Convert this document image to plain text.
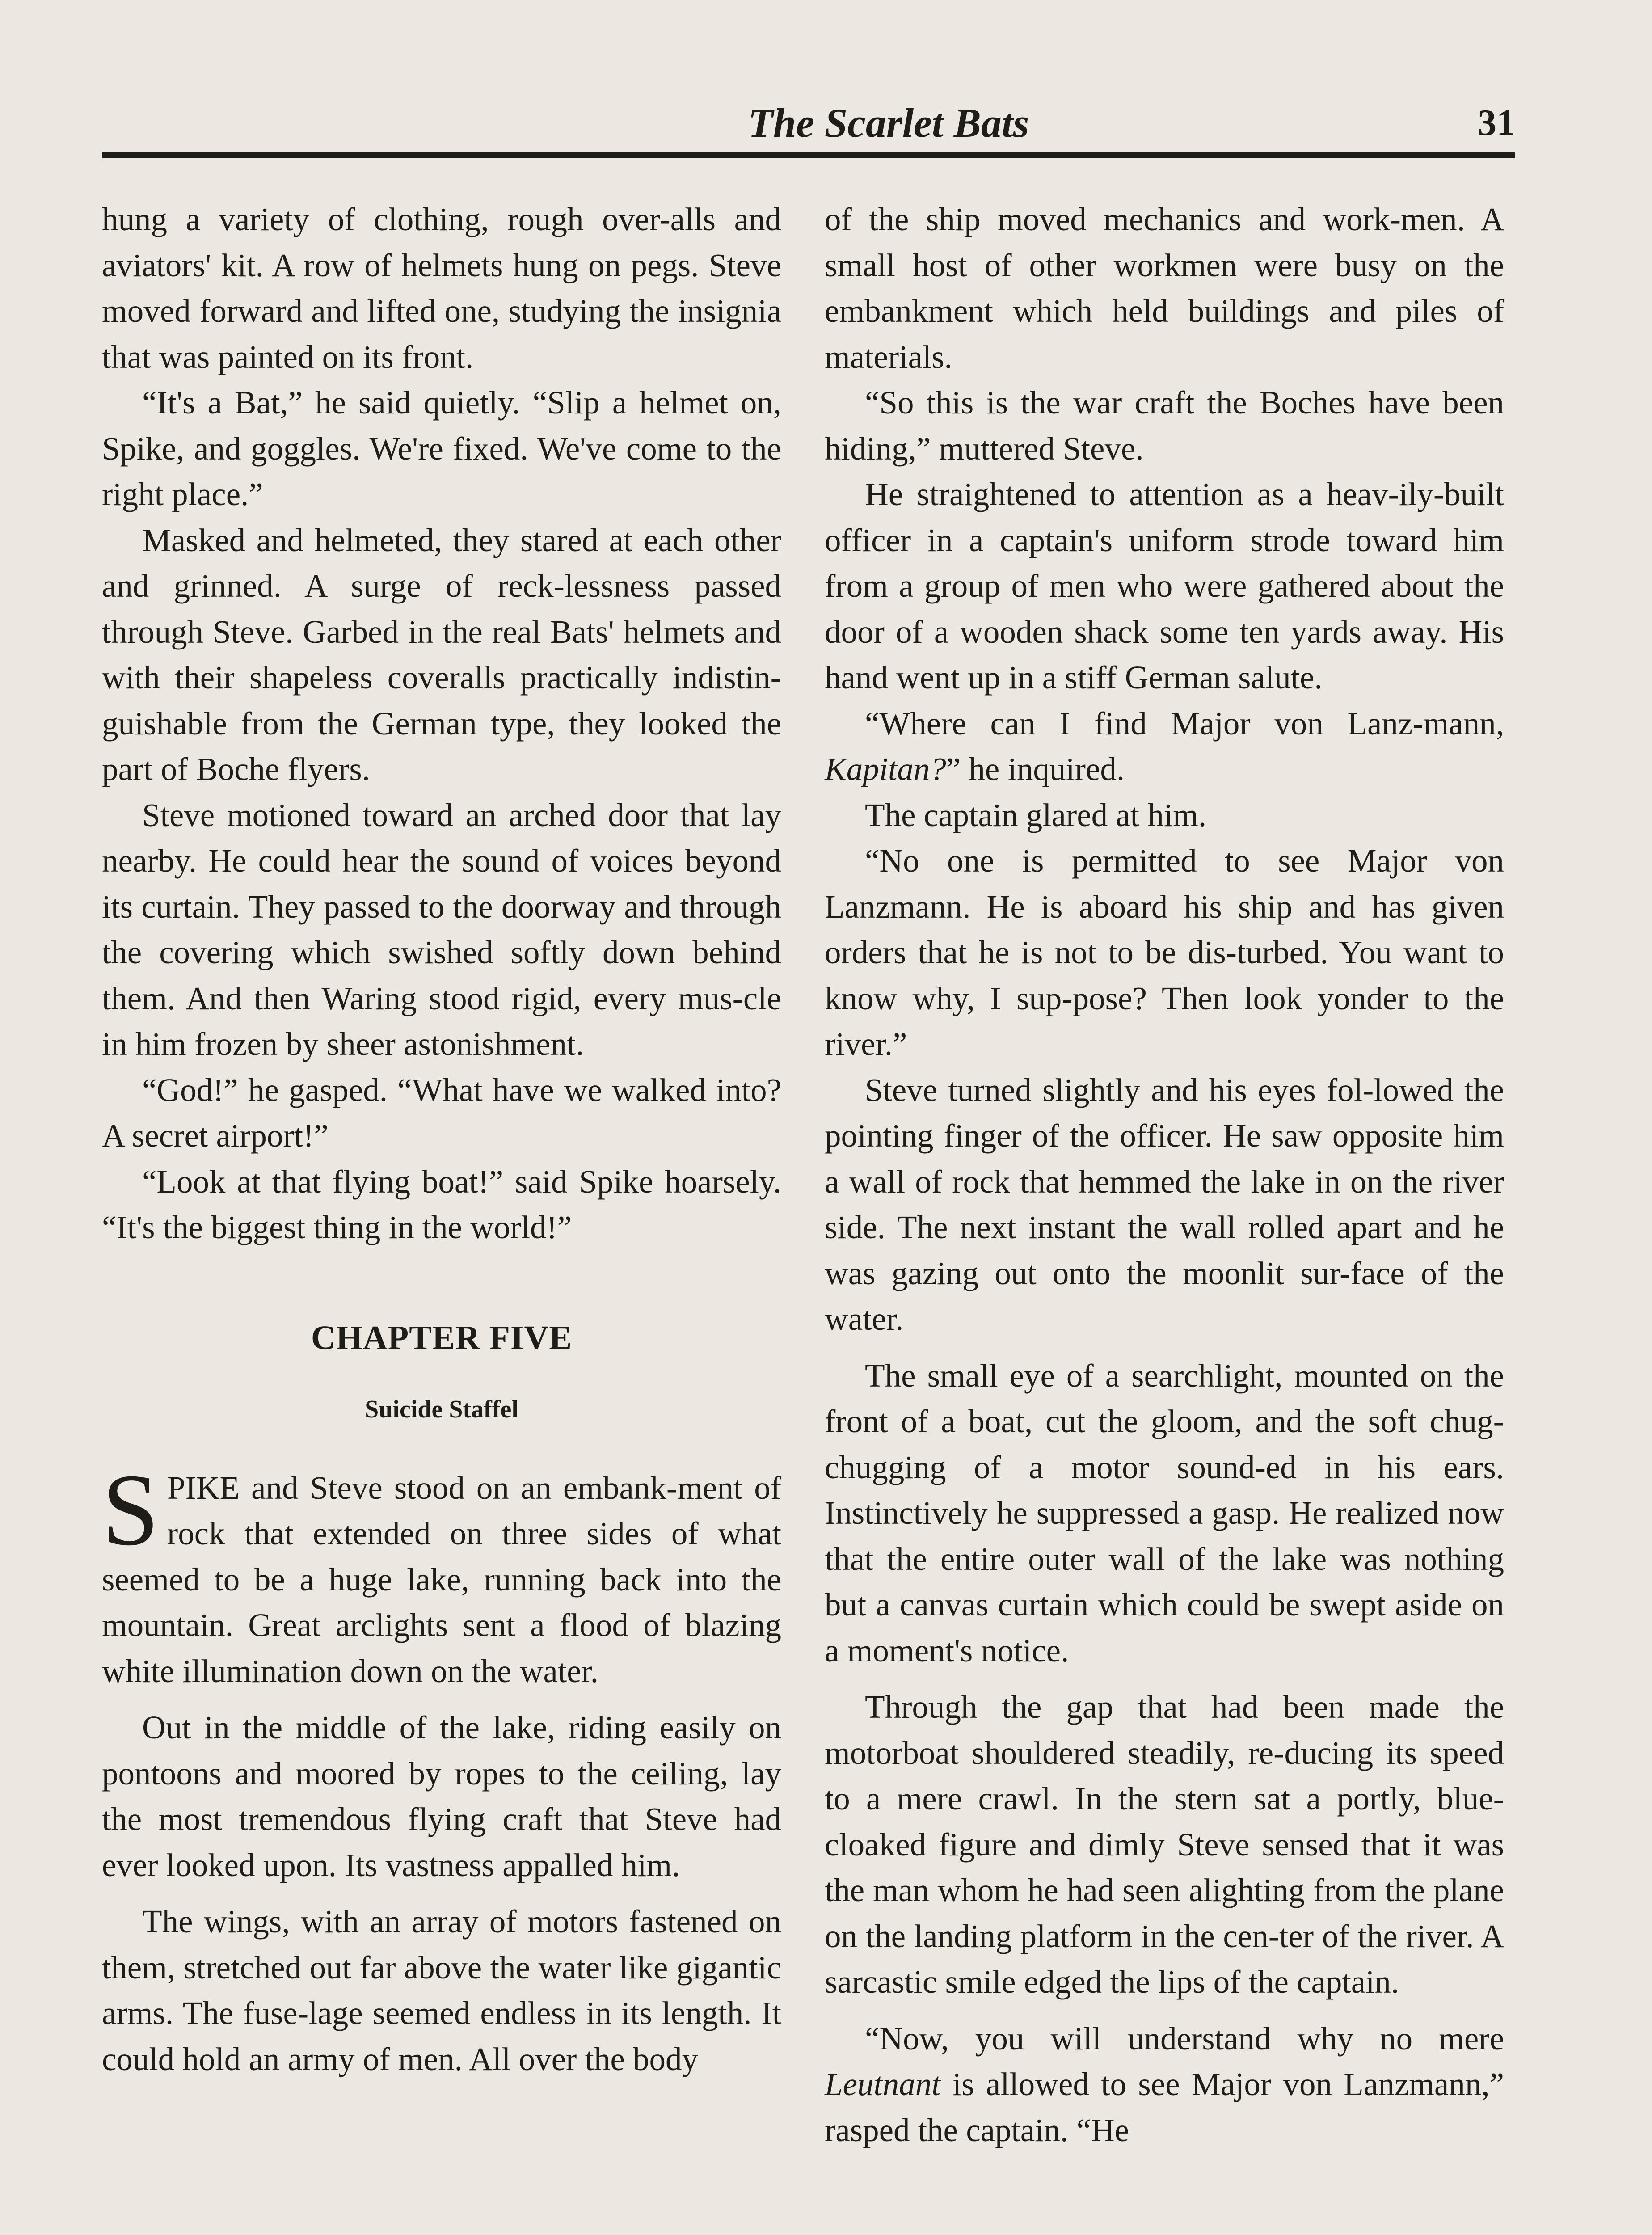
The Scarlet Bats	31

hung a variety of clothing, rough over-alls and aviators' kit. A row of helmets hung on pegs. Steve moved forward and lifted one, studying the insignia that was painted on its front.

“It's a Bat,” he said quietly. “Slip a helmet on, Spike, and goggles. We're fixed. We've come to the right place.”

Masked and helmeted, they stared at each other and grinned. A surge of reck-lessness passed through Steve. Garbed in the real Bats' helmets and with their shapeless coveralls practically indistin-guishable from the German type, they looked the part of Boche flyers.

Steve motioned toward an arched door that lay nearby. He could hear the sound of voices beyond its curtain. They passed to the doorway and through the covering which swished softly down behind them. And then Waring stood rigid, every mus-cle in him frozen by sheer astonishment.

“God!” he gasped. “What have we walked into? A secret airport!”

“Look at that flying boat!” said Spike hoarsely. “It's the biggest thing in the world!”

CHAPTER FIVE

Suicide Staffel

SPIKE and Steve stood on an embank-ment of rock that extended on three sides of what seemed to be a huge lake, running back into the mountain. Great arclights sent a flood of blazing white illumination down on the water.

Out in the middle of the lake, riding easily on pontoons and moored by ropes to the ceiling, lay the most tremendous flying craft that Steve had ever looked upon. Its vastness appalled him.

The wings, with an array of motors fastened on them, stretched out far above the water like gigantic arms. The fuse-lage seemed endless in its length. It could hold an army of men. All over the body

of the ship moved mechanics and work-men. A small host of other workmen were busy on the embankment which held buildings and piles of materials.

“So this is the war craft the Boches have been hiding,” muttered Steve.

He straightened to attention as a heav-ily-built officer in a captain's uniform strode toward him from a group of men who were gathered about the door of a wooden shack some ten yards away. His hand went up in a stiff German salute.

“Where can I find Major von Lanz-mann, Kapitan?” he inquired.

The captain glared at him.

“No one is permitted to see Major von Lanzmann. He is aboard his ship and has given orders that he is not to be dis-turbed. You want to know why, I sup-pose? Then look yonder to the river.”

Steve turned slightly and his eyes fol-lowed the pointing finger of the officer. He saw opposite him a wall of rock that hemmed the lake in on the river side. The next instant the wall rolled apart and he was gazing out onto the moonlit sur-face of the water.

The small eye of a searchlight, mounted on the front of a boat, cut the gloom, and the soft chug-chugging of a motor sound-ed in his ears. Instinctively he suppressed a gasp. He realized now that the entire outer wall of the lake was nothing but a canvas curtain which could be swept aside on a moment's notice.

Through the gap that had been made the motorboat shouldered steadily, re-ducing its speed to a mere crawl. In the stern sat a portly, blue-cloaked figure and dimly Steve sensed that it was the man whom he had seen alighting from the plane on the landing platform in the cen-ter of the river. A sarcastic smile edged the lips of the captain.

“Now, you will understand why no mere Leutnant is allowed to see Major von Lanzmann,” rasped the captain. “He
